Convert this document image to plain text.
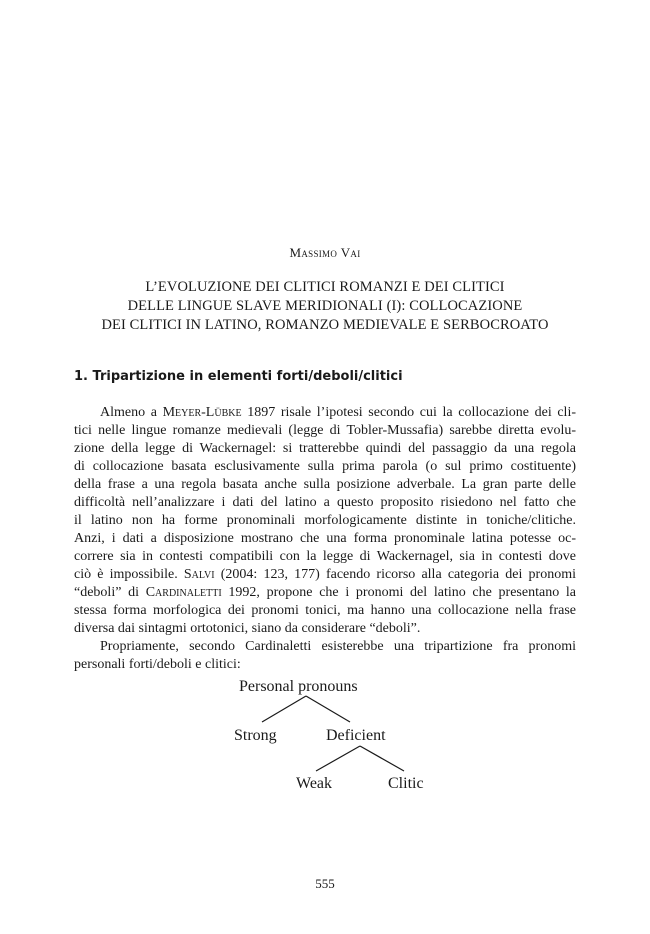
Massimo Vai
L’EVOLUZIONE DEI CLITICI ROMANZI E DEI CLITICI
DELLE LINGUE SLAVE MERIDIONALI (I): COLLOCAZIONE
DEI CLITICI IN LATINO, ROMANZO MEDIEVALE E SERBOCROATO
1. Tripartizione in elementi forti/deboli/clitici
Almeno a Meyer-Lübke 1897 risale l’ipotesi secondo cui la collocazione dei cli-
tici nelle lingue romanze medievali (legge di Tobler-Mussafia) sarebbe diretta evolu-
zione della legge di Wackernagel: si tratterebbe quindi del passaggio da una regola
di collocazione basata esclusivamente sulla prima parola (o sul primo costituente)
della frase a una regola basata anche sulla posizione adverbale. La gran parte delle
difficoltà nell’analizzare i dati del latino a questo proposito risiedono nel fatto che
il latino non ha forme pronominali morfologicamente distinte in toniche/clitiche.
Anzi, i dati a disposizione mostrano che una forma pronominale latina potesse oc-
correre sia in contesti compatibili con la legge di Wackernagel, sia in contesti dove
ciò è impossibile. Salvi (2004: 123, 177) facendo ricorso alla categoria dei pronomi
“deboli” di Cardinaletti 1992, propone che i pronomi del latino che presentano la
stessa forma morfologica dei pronomi tonici, ma hanno una collocazione nella frase
diversa dai sintagmi ortotonici, siano da considerare “deboli”.
Propriamente, secondo Cardinaletti esisterebbe una tripartizione fra pronomi
personali forti/deboli e clitici:
Personal pronouns
Strong	Deficient
Weak	Clitic
555
